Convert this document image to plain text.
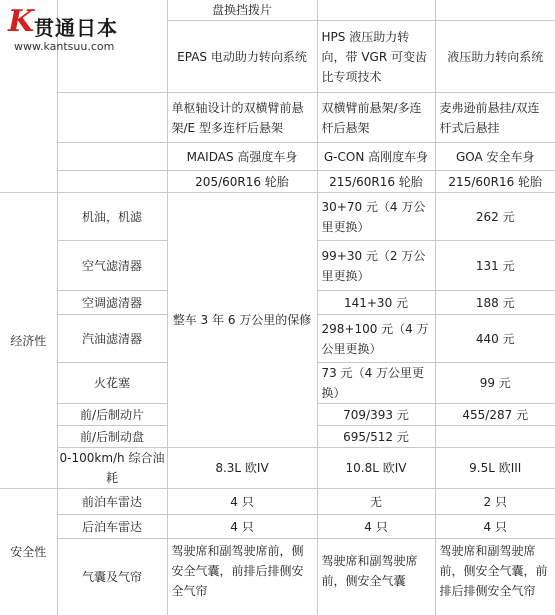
K 贯通日本
www.kantsuu.com
		盘换挡拨片		
		EPAS 电动助力转向系统	HPS 液压助力转向，带 VGR 可变齿比专项技术	液压助力转向系统
		单枢轴设计的双横臂前悬架/E 型多连杆后悬架	双横臂前悬架/多连杆后悬架	麦弗逊前悬挂/双连杆式后悬挂
		MAIDAS 高强度车身	G-CON 高刚度车身	GOA 安全车身
		205/60R16 轮胎	215/60R16 轮胎	215/60R16 轮胎
经济性	机油，机滤	整车 3 年 6 万公里的保修	30+70 元（4 万公里更换）	262 元
	空气滤清器		99+30 元（2 万公里更换）	131 元
	空调滤清器		141+30 元	188 元
	汽油滤清器		298+100 元（4 万公里更换）	440 元
	火花塞		73 元（4 万公里更换）	99 元
	前/后制动片		709/393 元	455/287 元
	前/后制动盘		695/512 元	
	0-100km/h 综合油耗	8.3L 欧IV	10.8L 欧IV	9.5L 欧III
安全性	前泊车雷达	4 只	无	2 只
	后泊车雷达	4 只	4 只	4 只
	气囊及气帘	驾驶席和副驾驶席前，侧安全气囊，前排后排侧安全气帘	驾驶席和副驾驶席前，侧安全气囊	驾驶席和副驾驶席前，侧安全气囊，前排后排侧安全气帘
